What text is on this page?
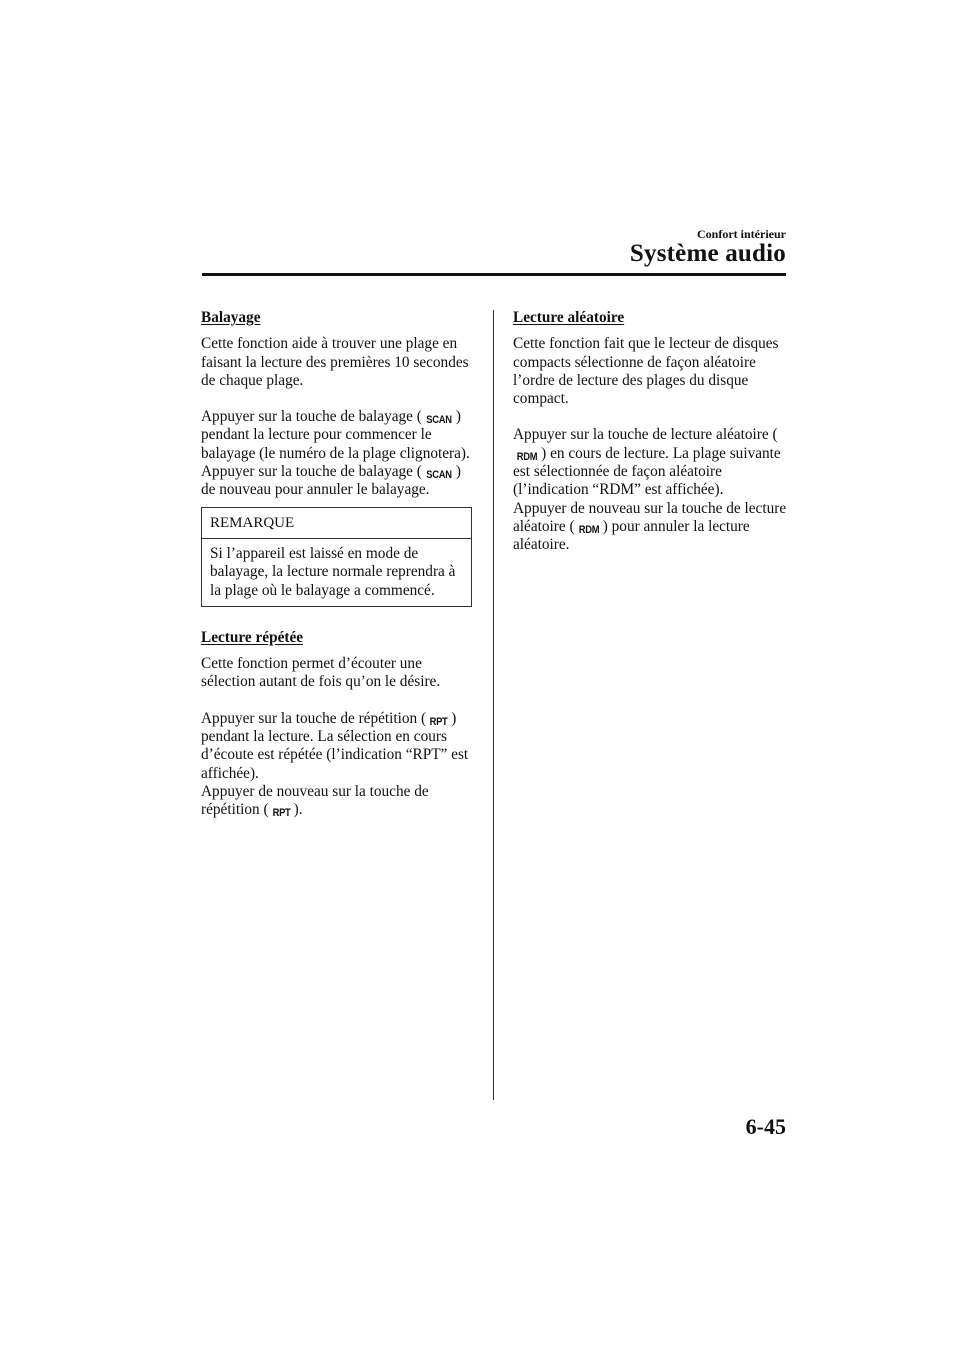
Confort intérieur
Système audio
Balayage
Cette fonction aide à trouver une plage en faisant la lecture des premières 10 secondes de chaque plage.
Appuyer sur la touche de balayage ( SCAN ) pendant la lecture pour commencer le balayage (le numéro de la plage clignotera).
Appuyer sur la touche de balayage ( SCAN ) de nouveau pour annuler le balayage.
REMARQUE
Si l’appareil est laissé en mode de balayage, la lecture normale reprendra à la plage où le balayage a commencé.
Lecture répétée
Cette fonction permet d’écouter une sélection autant de fois qu’on le désire.
Appuyer sur la touche de répétition ( RPT ) pendant la lecture. La sélection en cours d’écoute est répétée (l’indication “RPT” est affichée).
Appuyer de nouveau sur la touche de répétition ( RPT ).
Lecture aléatoire
Cette fonction fait que le lecteur de disques compacts sélectionne de façon aléatoire l’ordre de lecture des plages du disque compact.
Appuyer sur la touche de lecture aléatoire (RDM ) en cours de lecture. La plage suivante est sélectionnée de façon aléatoire (l’indication “RDM” est affichée).
Appuyer de nouveau sur la touche de lecture aléatoire ( RDM ) pour annuler la lecture aléatoire.
6-45
